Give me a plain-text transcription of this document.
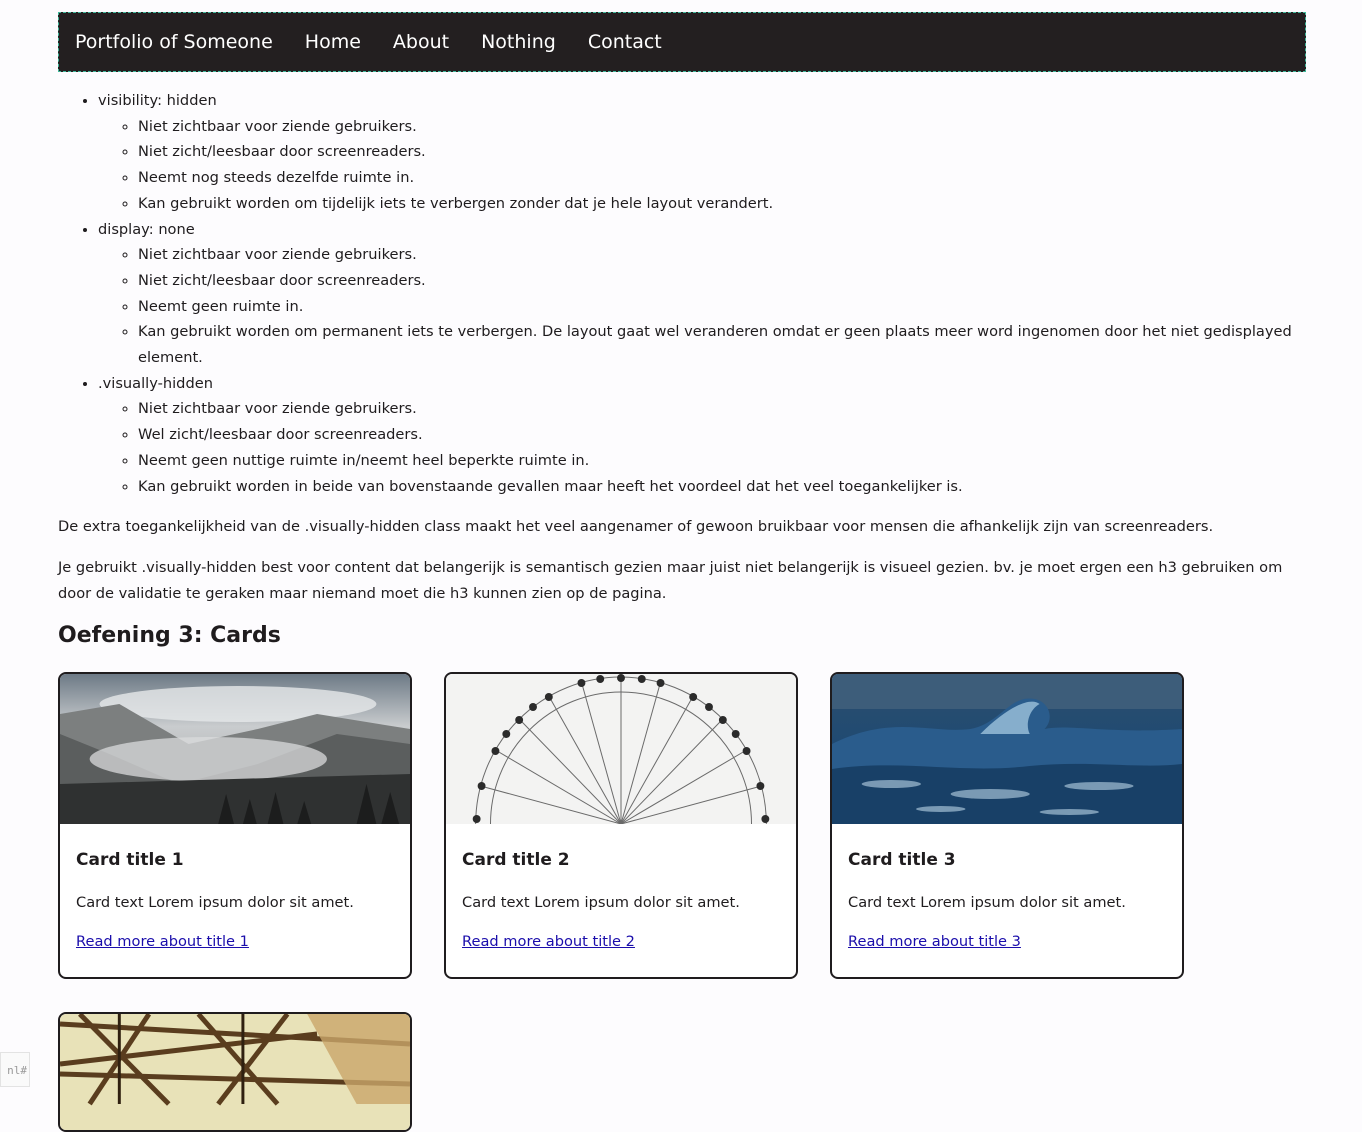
Portfolio of Someone Home About Nothing Contact
• visibility: hidden
◦ Niet zichtbaar voor ziende gebruikers.
◦ Niet zicht/leesbaar door screenreaders.
◦ Neemt nog steeds dezelfde ruimte in.
◦ Kan gebruikt worden om tijdelijk iets te verbergen zonder dat je hele layout verandert.
• display: none
◦ Niet zichtbaar voor ziende gebruikers.
◦ Niet zicht/leesbaar door screenreaders.
◦ Neemt geen ruimte in.
◦ Kan gebruikt worden om permanent iets te verbergen. De layout gaat wel veranderen omdat er geen plaats meer word ingenomen door het niet gedisplayed element.
• .visually-hidden
◦ Niet zichtbaar voor ziende gebruikers.
◦ Wel zicht/leesbaar door screenreaders.
◦ Neemt geen nuttige ruimte in/neemt heel beperkte ruimte in.
◦ Kan gebruikt worden in beide van bovenstaande gevallen maar heeft het voordeel dat het veel toegankelijker is.

De extra toegankelijkheid van de .visually-hidden class maakt het veel aangenamer of gewoon bruikbaar voor mensen die afhankelijk zijn van screenreaders.

Je gebruikt .visually-hidden best voor content dat belangerijk is semantisch gezien maar juist niet belangerijk is visueel gezien. bv. je moet ergen een h3 gebruiken om door de validatie te geraken maar niemand moet die h3 kunnen zien op de pagina.

Oefening 3: Cards
Card title 1

Card text Lorem ipsum dolor sit amet.

Read more about title 1
Card title 2

Card text Lorem ipsum dolor sit amet.

Read more about title 2
Card title 3

Card text Lorem ipsum dolor sit amet.

Read more about title 3
nl#
